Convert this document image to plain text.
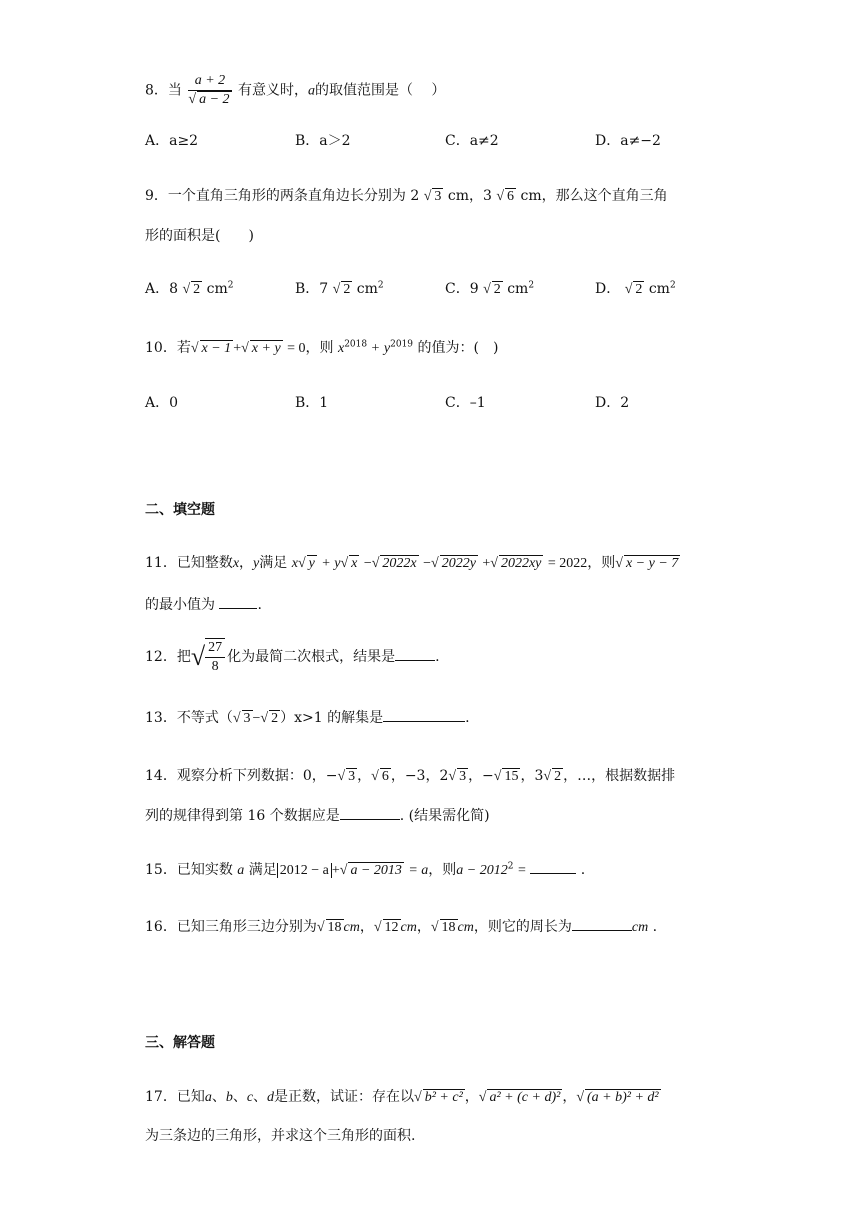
8．当 $\frac{a + 2}{√ a - 2}$ 有意义时，a的取值范围是（　 ）
A．a≥2	B．a＞2	C．a≠2	D．a≠−2
9．一个直角三角形的两条直角边长分别为 2 √ 3 cm，3 √ 6 cm，那么这个直角三角
形的面积是(　　)
A．8 √ 2 $cm^2$	B．7 √ 2 $cm^2$	C．9 √ 2 $cm^2$	D． √ 2 $cm^2$
10．若√ x − 1 +√ x + y = 0，则 $x^{2018} + y^{2019}$ 的值为：(　)
A．0	B．1	C．–1	D．2
二、填空题
11．已知整数x，y满足 x√ y + y√ x −√ 2022x −√ 2022y +√ 2022xy = 2022，则√ x − y − 7
的最小值为	.
12．把√ $\frac{27}{8}$ 化为最简二次根式，结果是	.
13．不等式（√ 3 −√ 2 ）x>1 的解集是	.
14．观察分析下列数据：0，−√ 3 ，√ 6 ，−3，2√ 3 ，−√ 15 ，3√ 2 ，…，根据数据排
列的规律得到第 16 个数据应是	. (结果需化简)
15．已知实数 a 满足 2012 − a +√ a − 2013 = a，则$a - 2012^2$ =	.
16．已知三角形三边分别为√ 18 cm，√ 12 cm，√ 18 cm，则它的周长为	cm .
三、解答题
17．已知a、b、c、d是正数，试证：存在以√ b² + c² ，√ a² + (c + d)² ，√ (a + b)² + d²
为三条边的三角形，并求这个三角形的面积.
